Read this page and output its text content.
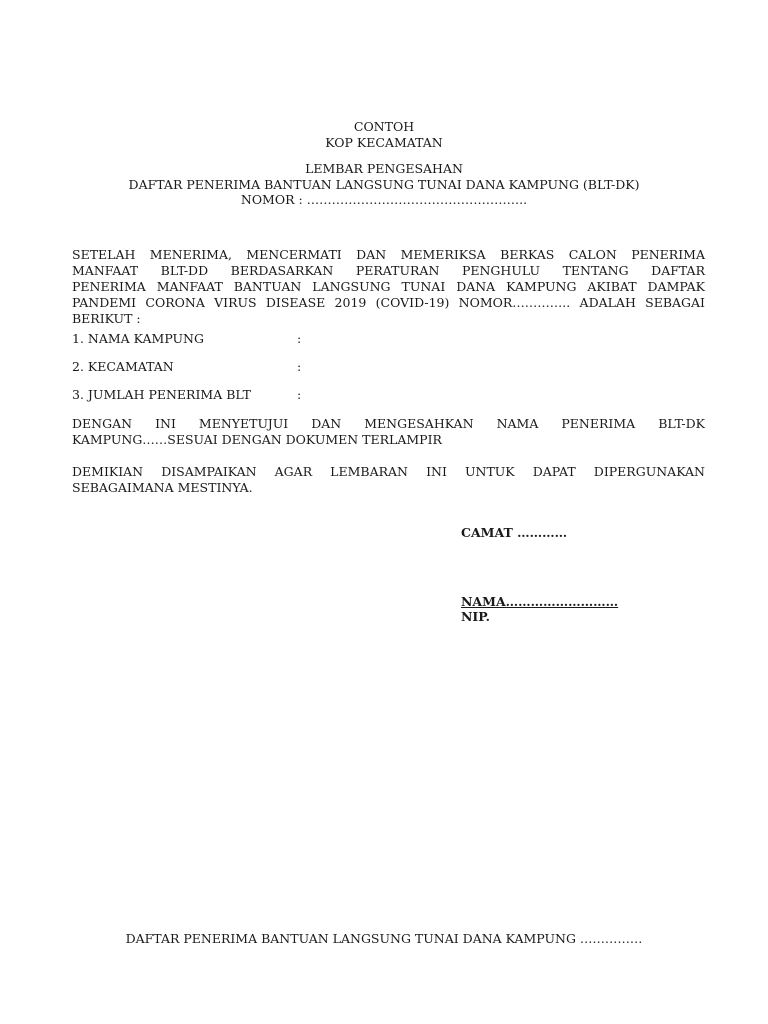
CONTOH
KOP KECAMATAN
LEMBAR PENGESAHAN
DAFTAR PENERIMA BANTUAN LANGSUNG TUNAI DANA KAMPUNG (BLT-DK)
NOMOR : ……………………………………………..
SETELAH MENERIMA, MENCERMATI DAN MEMERIKSA BERKAS CALON PENERIMA
MANFAAT BLT-DD BERDASARKAN PERATURAN PENGHULU TENTANG DAFTAR
PENERIMA MANFAAT BANTUAN LANGSUNG TUNAI DANA KAMPUNG AKIBAT DAMPAK
PANDEMI CORONA VIRUS DISEASE 2019 (COVID-19) NOMOR………….. ADALAH SEBAGAI
BERIKUT :
1. NAMA KAMPUNG	:
2. KECAMATAN	:
3. JUMLAH PENERIMA BLT	:
DENGAN INI MENYETUJUI DAN MENGESAHKAN NAMA PENERIMA BLT-DK
KAMPUNG……SESUAI DENGAN DOKUMEN TERLAMPIR
DEMIKIAN DISAMPAIKAN AGAR LEMBARAN INI UNTUK DAPAT DIPERGUNAKAN
SEBAGAIMANA MESTINYA.
CAMAT …………
NAMA………………………
NIP.
DAFTAR PENERIMA BANTUAN LANGSUNG TUNAI DANA KAMPUNG ……………
